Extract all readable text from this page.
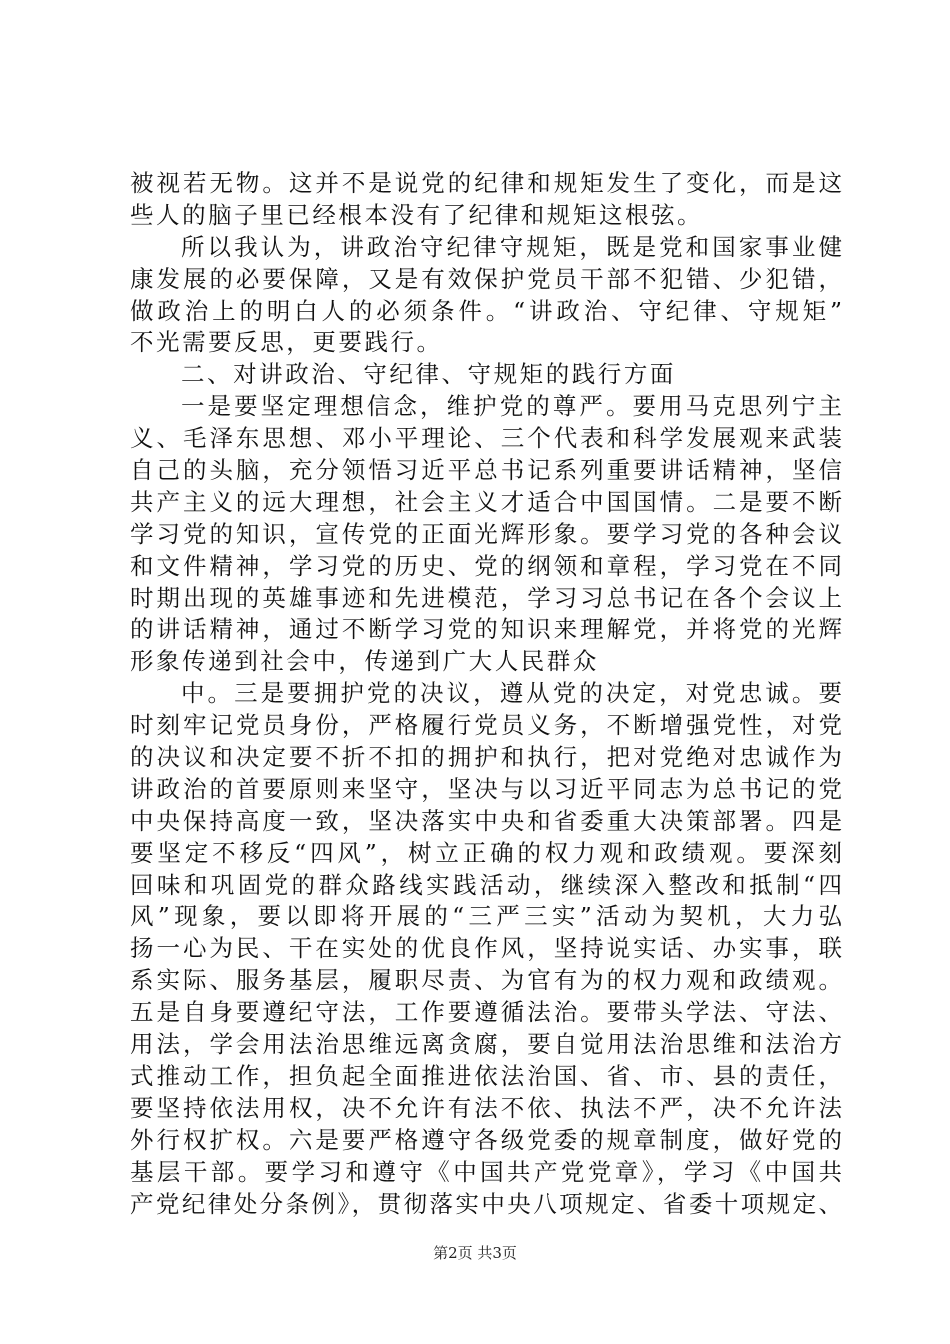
被视若无物。这并不是说党的纪律和规矩发生了变化，而是这
些人的脑子里已经根本没有了纪律和规矩这根弦。
所以我认为，讲政治守纪律守规矩，既是党和国家事业健
康发展的必要保障，又是有效保护党员干部不犯错、少犯错，
做政治上的明白人的必须条件。“讲政治、守纪律、守规矩”
不光需要反思，更要践行。
二、对讲政治、守纪律、守规矩的践行方面
一是要坚定理想信念，维护党的尊严。要用马克思列宁主
义、毛泽东思想、邓小平理论、三个代表和科学发展观来武装
自己的头脑，充分领悟习近平总书记系列重要讲话精神，坚信
共产主义的远大理想，社会主义才适合中国国情。二是要不断
学习党的知识，宣传党的正面光辉形象。要学习党的各种会议
和文件精神，学习党的历史、党的纲领和章程，学习党在不同
时期出现的英雄事迹和先进模范，学习习总书记在各个会议上
的讲话精神，通过不断学习党的知识来理解党，并将党的光辉
形象传递到社会中，传递到广大人民群众
中。三是要拥护党的决议，遵从党的决定，对党忠诚。要
时刻牢记党员身份，严格履行党员义务，不断增强党性，对党
的决议和决定要不折不扣的拥护和执行，把对党绝对忠诚作为
讲政治的首要原则来坚守，坚决与以习近平同志为总书记的党
中央保持高度一致，坚决落实中央和省委重大决策部署。四是
要坚定不移反“四风”，树立正确的权力观和政绩观。要深刻
回味和巩固党的群众路线实践活动，继续深入整改和抵制“四
风”现象，要以即将开展的“三严三实”活动为契机，大力弘
扬一心为民、干在实处的优良作风，坚持说实话、办实事，联
系实际、服务基层，履职尽责、为官有为的权力观和政绩观。
五是自身要遵纪守法，工作要遵循法治。要带头学法、守法、
用法，学会用法治思维远离贪腐，要自觉用法治思维和法治方
式推动工作，担负起全面推进依法治国、省、市、县的责任，
要坚持依法用权，决不允许有法不依、执法不严，决不允许法
外行权扩权。六是要严格遵守各级党委的规章制度，做好党的
基层干部。要学习和遵守《中国共产党党章》，学习《中国共
产党纪律处分条例》，贯彻落实中央八项规定、省委十项规定、
第2页 共3页
